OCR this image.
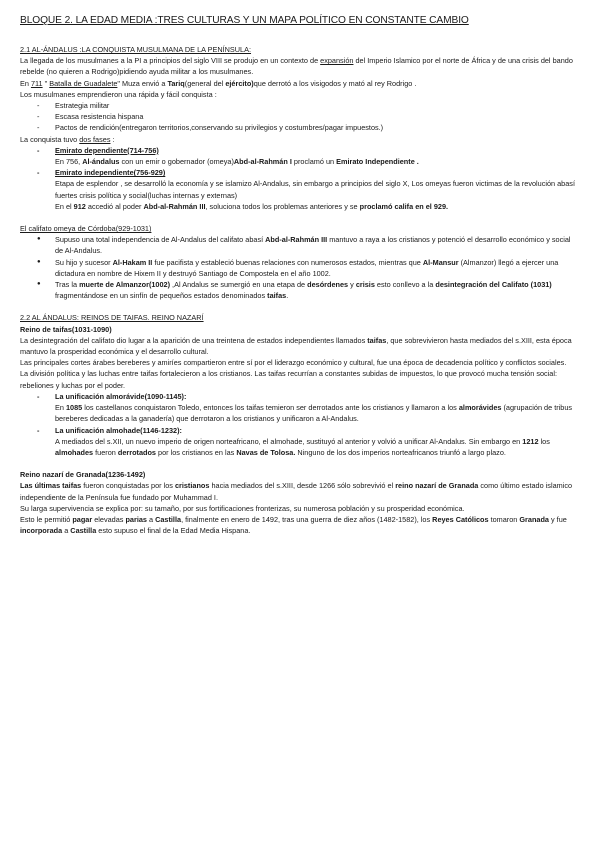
BLOQUE 2. LA EDAD MEDIA :TRES CULTURAS Y UN MAPA POLÍTICO EN CONSTANTE CAMBIO

2.1 AL-ÁNDALUS :LA CONQUISTA MUSULMANA DE LA PENÍNSULA:

La llegada de los musulmanes a la PI a principios del siglo VIII se produjo en un contexto de expansión del Imperio Islamico por el norte de África y de una crisis del bando rebelde (no quieren a Rodrigo)pidiendo ayuda militar a los musulmanes.

En 711 " Batalla de Guadalete" Muza envió a Tariq(general del ejército)que derrotó a los visigodos y mató al rey Rodrigo .

Los musulmanes emprendieron una rápida y fácil conquista :

- Estrategia militar
- Escasa resistencia hispana
- Pactos de rendición(entregaron territorios,conservando su privilegios y costumbres/pagar impuestos.)

La conquista tuvo dos fases :

- Emirato dependiente(714-756)

En 756, Al-ándalus con un emir o gobernador (omeya)Abd-al-Rahmán I proclamó un Emirato Independiente .

- Emirato independiente(756-929)

Etapa de esplendor , se desarrolló la economía y se islamizo Al-Andalus, sin embargo a principios del siglo X, Los omeyas fueron victimas de la revolución abasí fuertes crisis política y social(luchas internas y externas)

En el 912 accedió al poder Abd-al-Rahmán III, soluciona todos los problemas anteriores y se proclamó califa en el 929.

El califato omeya de Córdoba(929-1031)

● Supuso una total independencia de Al-Andalus del califato abasí Abd-al-Rahmán III mantuvo a raya a los cristianos y potenció el desarrollo económico y social de Al-Andalus.
● Su hijo y sucesor Al-Hakam II fue pacifista y estableció buenas relaciones con numerosos estados, mientras que Al-Mansur (Almanzor) llegó a ejercer una dictadura en nombre de Hixem II y destruyó Santiago de Compostela en el año 1002.
● Tras la muerte de Almanzor(1002) ,Al Andalus se sumergió en una etapa de desórdenes y crisis esto conllevo a la desintegración del Califato (1031) fragmentándose en un sinfín de pequeños estados denominados taifas.

2.2 AL ÁNDALUS: REINOS DE TAIFAS. REINO NAZARÍ

Reino de taifas(1031-1090)

La desintegración del califato dio lugar a la aparición de una treintena de estados independientes llamados taifas, que sobrevivieron hasta mediados del s.XIII, esta época mantuvo la prosperidad económica y el desarrollo cultural.

Las principales cortes árabes bereberes y amiríes compartieron entre sí por el liderazgo económico y cultural, fue una época de decadencia político y conflictos sociales.

La división política y las luchas entre taifas fortalecieron a los cristianos. Las taifas recurrían a constantes subidas de impuestos, lo que provocó mucha tensión social: rebeliones y luchas por el poder.

- La unificación almorávide(1090-1145):

En 1085 los castellanos conquistaron Toledo, entonces los taifas temieron ser derrotados ante los cristianos y llamaron a los almorávides (agrupación de tribus bereberes dedicadas a la ganadería) que derrotaron a los cristianos y unificaron a Al-Andalus.

- La unificación almohade(1146-1232):

A mediados del s.XII, un nuevo imperio de origen norteafricano, el almohade, sustituyó al anterior y volvió a unificar Al-Andalus. Sin embargo en 1212 los almohades fueron derrotados por los cristianos en las Navas de Tolosa. Ninguno de los dos imperios norteafricanos triunfó a largo plazo.

Reino nazarí de Granada(1236-1492)

Las últimas taifas fueron conquistadas por los cristianos hacia mediados del s.XIII, desde 1266 sólo sobrevivió el reino nazarí de Granada como último estado islamico independiente de la Península fue fundado por Muhammad I.

Su larga supervivencia se explica por: su tamaño, por sus fortificaciones fronterizas, su numerosa población y su prosperidad económica.

Esto le permitió pagar elevadas parias a Castilla, finalmente en enero de 1492, tras una guerra de diez años (1482-1582), los Reyes Católicos tomaron Granada y fue incorporada a Castilla esto supuso el final de la Edad Media Hispana.
